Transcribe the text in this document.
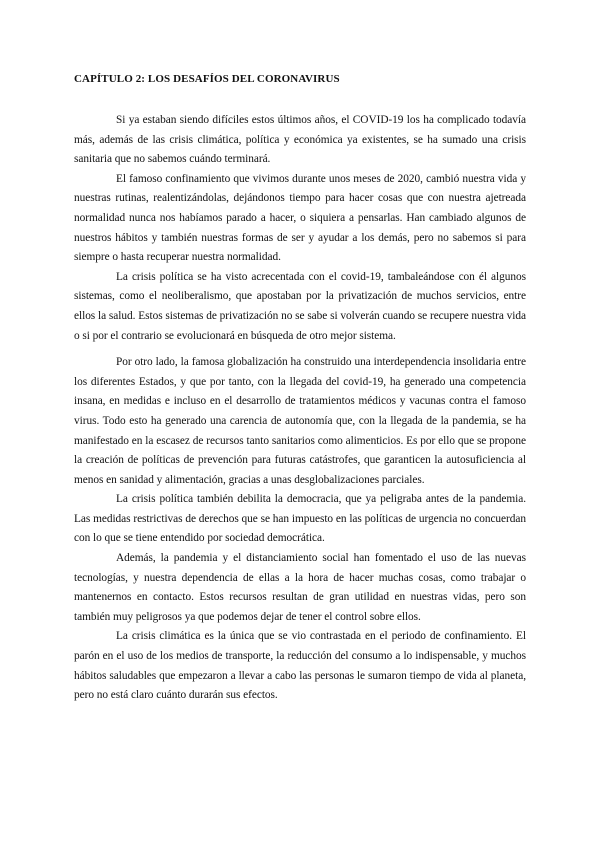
CAPÍTULO 2: LOS DESAFÍOS DEL CORONAVIRUS

Si ya estaban siendo difíciles estos últimos años, el COVID-19 los ha complicado todavía más, además de las crisis climática, política y económica ya existentes, se ha sumado una crisis sanitaria que no sabemos cuándo terminará.

El famoso confinamiento que vivimos durante unos meses de 2020, cambió nuestra vida y nuestras rutinas, realentizándolas, dejándonos tiempo para hacer cosas que con nuestra ajetreada normalidad nunca nos habíamos parado a hacer, o siquiera a pensarlas. Han cambiado algunos de nuestros hábitos y también nuestras formas de ser y ayudar a los demás, pero no sabemos si para siempre o hasta recuperar nuestra normalidad.

La crisis política se ha visto acrecentada con el covid-19, tambaleándose con él algunos sistemas, como el neoliberalismo, que apostaban por la privatización de muchos servicios, entre ellos la salud. Estos sistemas de privatización no se sabe si volverán cuando se recupere nuestra vida o si por el contrario se evolucionará en búsqueda de otro mejor sistema.

Por otro lado, la famosa globalización ha construido una interdependencia insolidaria entre los diferentes Estados, y que por tanto, con la llegada del covid-19, ha generado una competencia insana, en medidas e incluso en el desarrollo de tratamientos médicos y vacunas contra el famoso virus. Todo esto ha generado una carencia de autonomía que, con la llegada de la pandemia, se ha manifestado en la escasez de recursos tanto sanitarios como alimenticios. Es por ello que se propone la creación de políticas de prevención para futuras catástrofes, que garanticen la autosuficiencia al menos en sanidad y alimentación, gracias a unas desglobalizaciones parciales.

La crisis política también debilita la democracia, que ya peligraba antes de la pandemia. Las medidas restrictivas de derechos que se han impuesto en las políticas de urgencia no concuerdan con lo que se tiene entendido por sociedad democrática.

Además, la pandemia y el distanciamiento social han fomentado el uso de las nuevas tecnologías, y nuestra dependencia de ellas a la hora de hacer muchas cosas, como trabajar o mantenernos en contacto. Estos recursos resultan de gran utilidad en nuestras vidas, pero son también muy peligrosos ya que podemos dejar de tener el control sobre ellos.

La crisis climática es la única que se vio contrastada en el periodo de confinamiento. El parón en el uso de los medios de transporte, la reducción del consumo a lo indispensable, y muchos hábitos saludables que empezaron a llevar a cabo las personas le sumaron tiempo de vida al planeta, pero no está claro cuánto durarán sus efectos.
